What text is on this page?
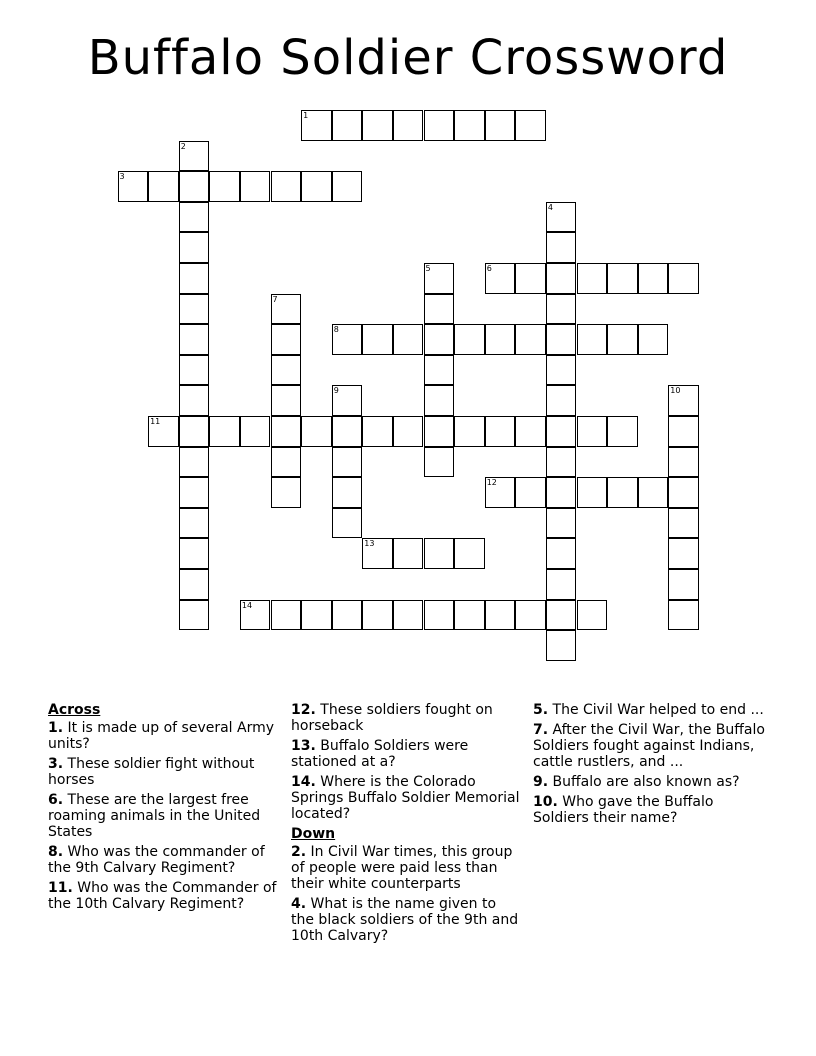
Buffalo Soldier Crossword
1
2
3
4
5	6
7
8
9	10
11
12
13
14
Across
1. It is made up of several Army units?
3. These soldier fight without horses
6. These are the largest free roaming animals in the United States
8. Who was the commander of the 9th Calvary Regiment?
11. Who was the Commander of the 10th Calvary Regiment?
12. These soldiers fought on horseback
13. Buffalo Soldiers were stationed at a?
14. Where is the Colorado Springs Buffalo Soldier Memorial located?
Down
2. In Civil War times, this group of people were paid less than their white counterparts
4. What is the name given to the black soldiers of the 9th and 10th Calvary?
5. The Civil War helped to end ...
7. After the Civil War, the Buffalo Soldiers fought against Indians, cattle rustlers, and ...
9. Buffalo are also known as?
10. Who gave the Buffalo Soldiers their name?
